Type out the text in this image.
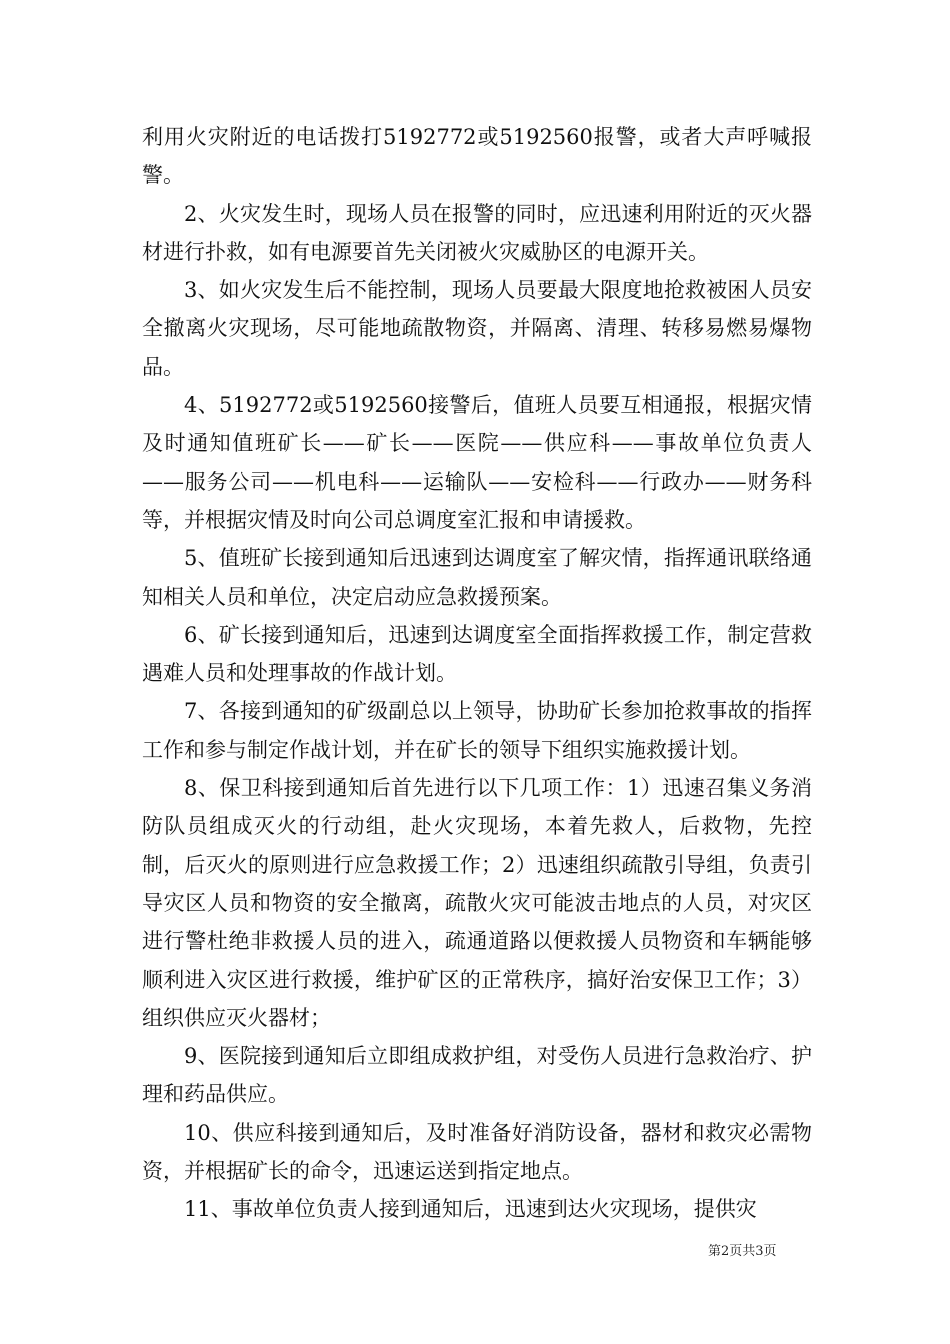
利用火灾附近的电话拨打5192772或5192560报警，或者大声呼喊报警。

2、火灾发生时，现场人员在报警的同时，应迅速利用附近的灭火器材进行扑救，如有电源要首先关闭被火灾威胁区的电源开关。

3、如火灾发生后不能控制，现场人员要最大限度地抢救被困人员安全撤离火灾现场，尽可能地疏散物资，并隔离、清理、转移易燃易爆物品。

4、5192772或5192560接警后，值班人员要互相通报，根据灾情及时通知值班矿长——矿长——医院——供应科——事故单位负责人——服务公司——机电科——运输队——安检科——行政办——财务科等，并根据灾情及时向公司总调度室汇报和申请援救。

5、值班矿长接到通知后迅速到达调度室了解灾情，指挥通讯联络通知相关人员和单位，决定启动应急救援预案。

6、矿长接到通知后，迅速到达调度室全面指挥救援工作，制定营救遇难人员和处理事故的作战计划。

7、各接到通知的矿级副总以上领导，协助矿长参加抢救事故的指挥工作和参与制定作战计划，并在矿长的领导下组织实施救援计划。

8、保卫科接到通知后首先进行以下几项工作：1）迅速召集义务消防队员组成灭火的行动组，赴火灾现场，本着先救人，后救物，先控制，后灭火的原则进行应急救援工作；2）迅速组织疏散引导组，负责引导灾区人员和物资的安全撤离，疏散火灾可能波击地点的人员，对灾区进行警杜绝非救援人员的进入，疏通道路以便救援人员物资和车辆能够顺利进入灾区进行救援，维护矿区的正常秩序，搞好治安保卫工作；3）组织供应灭火器材；

9、医院接到通知后立即组成救护组，对受伤人员进行急救治疗、护理和药品供应。

10、供应科接到通知后，及时准备好消防设备，器材和救灾必需物资，并根据矿长的命令，迅速运送到指定地点。

11、事故单位负责人接到通知后，迅速到达火灾现场，提供灾

第2页共3页
